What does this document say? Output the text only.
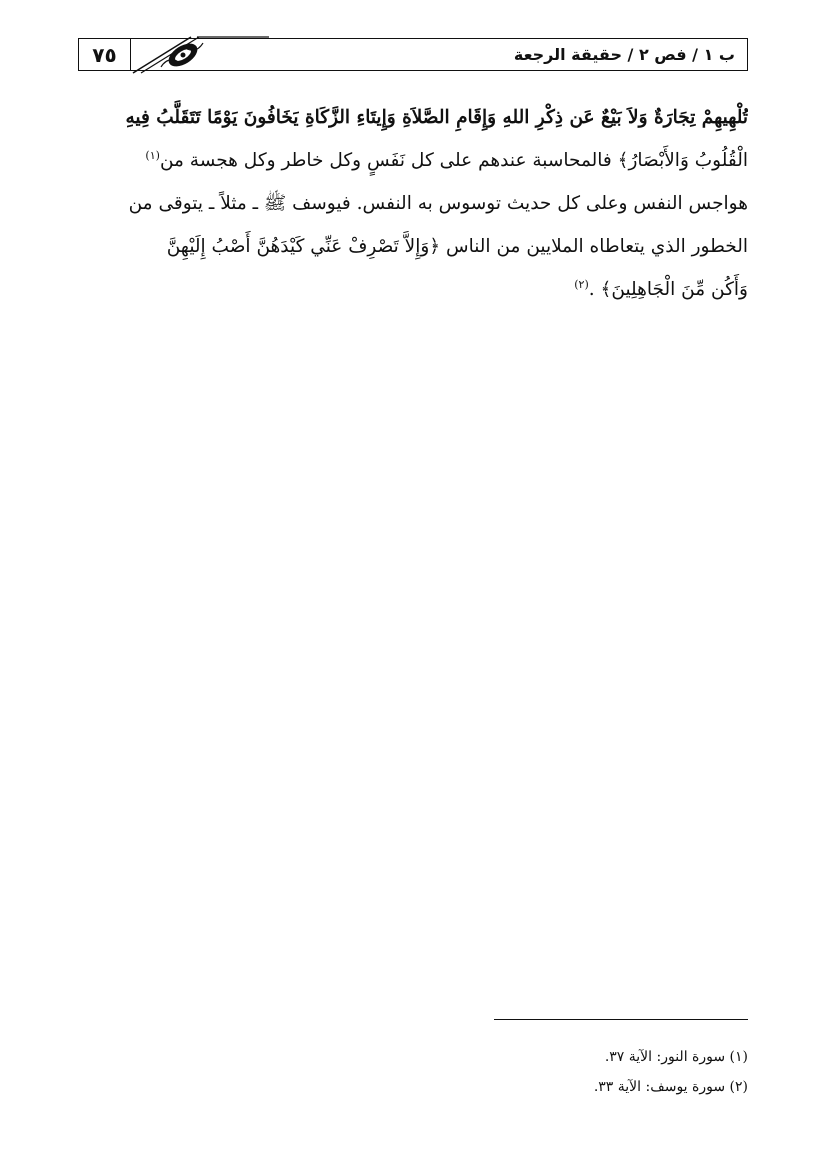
٧٥	ب ١ / فص ٢ / حقيقة الرجعة
تُلْهِيهِمْ تِجَارَةٌ وَلاَ بَيْعٌ عَن ذِكْرِ اللهِ وَإِقَامِ الصَّلاَةِ وَإِيتَاءِ الزَّكَاةِ يَخَافُونَ يَوْمًا تَتَقَلَّبُ فِيهِ
الْقُلُوبُ وَالأَبْصَارُ﴾ فالمحاسبة عندهم على كل نَفَسٍ وكل خاطر وكل هجسة من$^{(١)}$
هواجس النفس وعلى كل حديث توسوس به النفس. فيوسف ﷺ ـ مثلاً ـ يتوقى من
الخطور الذي يتعاطاه الملايين من الناس ﴿وَإِلاَّ تَصْرِفْ عَنِّي كَيْدَهُنَّ أَصْبُ إِلَيْهِنَّ
وَأَكُن مِّنَ الْجَاهِلِينَ﴾ .$^{(٢)}$
(١) سورة النور: الآية ٣٧.
(٢) سورة يوسف: الآية ٣٣.
